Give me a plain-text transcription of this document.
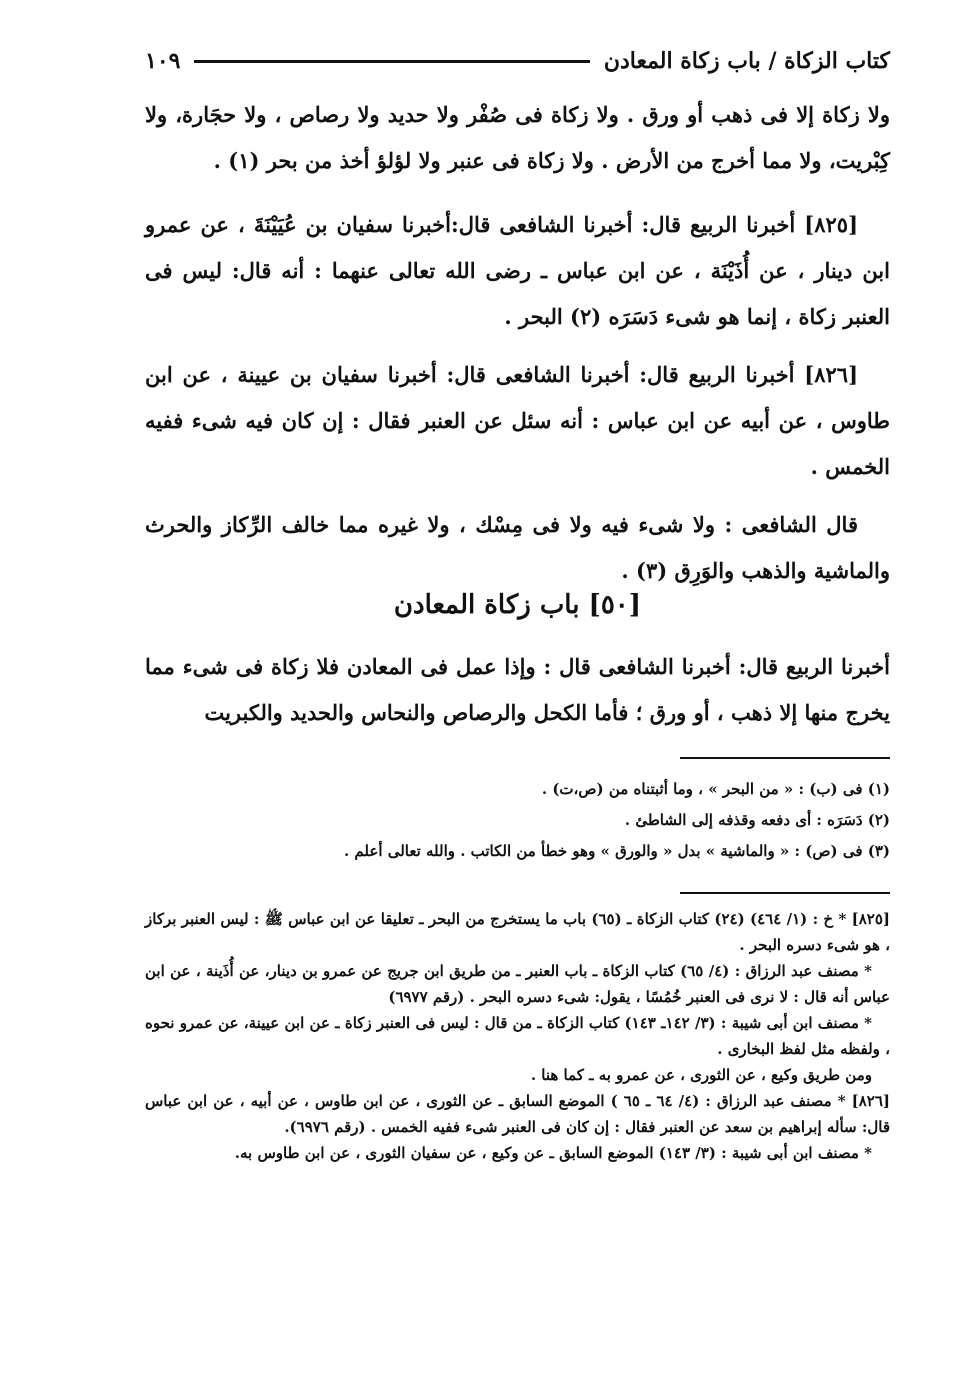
كتاب الزكاة / باب زكاة المعادن
١٠٩

ولا زكاة إلا فى ذهب أو ورق . ولا زكاة فى صُفْر ولا حديد ولا رصاص ، ولا حجَارة، ولا كِبْريت، ولا مما أخرج من الأرض . ولا زكاة فى عنبر ولا لؤلؤ أخذ من بحر (١) .

[٨٢٥] أخبرنا الربيع قال: أخبرنا الشافعى قال:أخبرنا سفيان بن عُيَيْنَةَ ، عن عمرو ابن دينار ، عن أُذَيْنَة ، عن ابن عباس ـ رضى الله تعالى عنهما : أنه قال: ليس فى العنبر زكاة ، إنما هو شىء دَسَرَه (٢) البحر .

[٨٢٦] أخبرنا الربيع قال: أخبرنا الشافعى قال: أخبرنا سفيان بن عيينة ، عن ابن طاوس ، عن أبيه عن ابن عباس : أنه سئل عن العنبر فقال : إن كان فيه شىء ففيه الخمس .

قال الشافعى : ولا شىء فيه ولا فى مِسْك ، ولا غيره مما خالف الرِّكاز والحرث والماشية والذهب والوَرِق (٣) .

[٥٠] باب زكاة المعادن

أخبرنا الربيع قال: أخبرنا الشافعى قال : وإذا عمل فى المعادن فلا زكاة فى شىء مما يخرج منها إلا ذهب ، أو ورق ؛ فأما الكحل والرصاص والنحاس والحديد والكبريت

(١) فى (ب) : « من البحر » ، وما أثبتناه من (ص،ت) .
(٢) دَسَرَه : أى دفعه وقذفه إلى الشاطئ .
(٣) فى (ص) : « والماشية » بدل « والورق » وهو خطأ من الكاتب . والله تعالى أعلم .

[٨٢٥] * خ : (١/ ٤٦٤) (٢٤) كتاب الزكاة ـ (٦٥) باب ما يستخرج من البحر ـ تعليقا عن ابن عباس ﷺ : ليس العنبر بركاز ، هو شىء دسره البحر .

* مصنف عبد الرزاق : (٤/ ٦٥) كتاب الزكاة ـ باب العنبر ـ من طريق ابن جريج عن عمرو بن دينار، عن أُذَينة ، عن ابن عباس أنه قال : لا نرى فى العنبر خُمُسًا ، يقول: شىء دسره البحر . (رقم ٦٩٧٧)

* مصنف ابن أبى شيبة : (٣/ ١٤٢ـ ١٤٣) كتاب الزكاة ـ من قال : ليس فى العنبر زكاة ـ عن ابن عيينة، عن عمرو نحوه ، ولفظه مثل لفظ البخارى .

ومن طريق وكيع ، عن الثورى ، عن عمرو به ـ كما هنا .

[٨٢٦] * مصنف عبد الرزاق : (٤/ ٦٤ ـ ٦٥ ) الموضع السابق ـ عن الثورى ، عن ابن طاوس ، عن أبيه ، عن ابن عباس قال: سأله إبراهيم بن سعد عن العنبر فقال : إن كان فى العنبر شىء ففيه الخمس . (رقم ٦٩٧٦).

* مصنف ابن أبى شيبة : (٣/ ١٤٣) الموضع السابق ـ عن وكيع ، عن سفيان الثورى ، عن ابن طاوس به.
